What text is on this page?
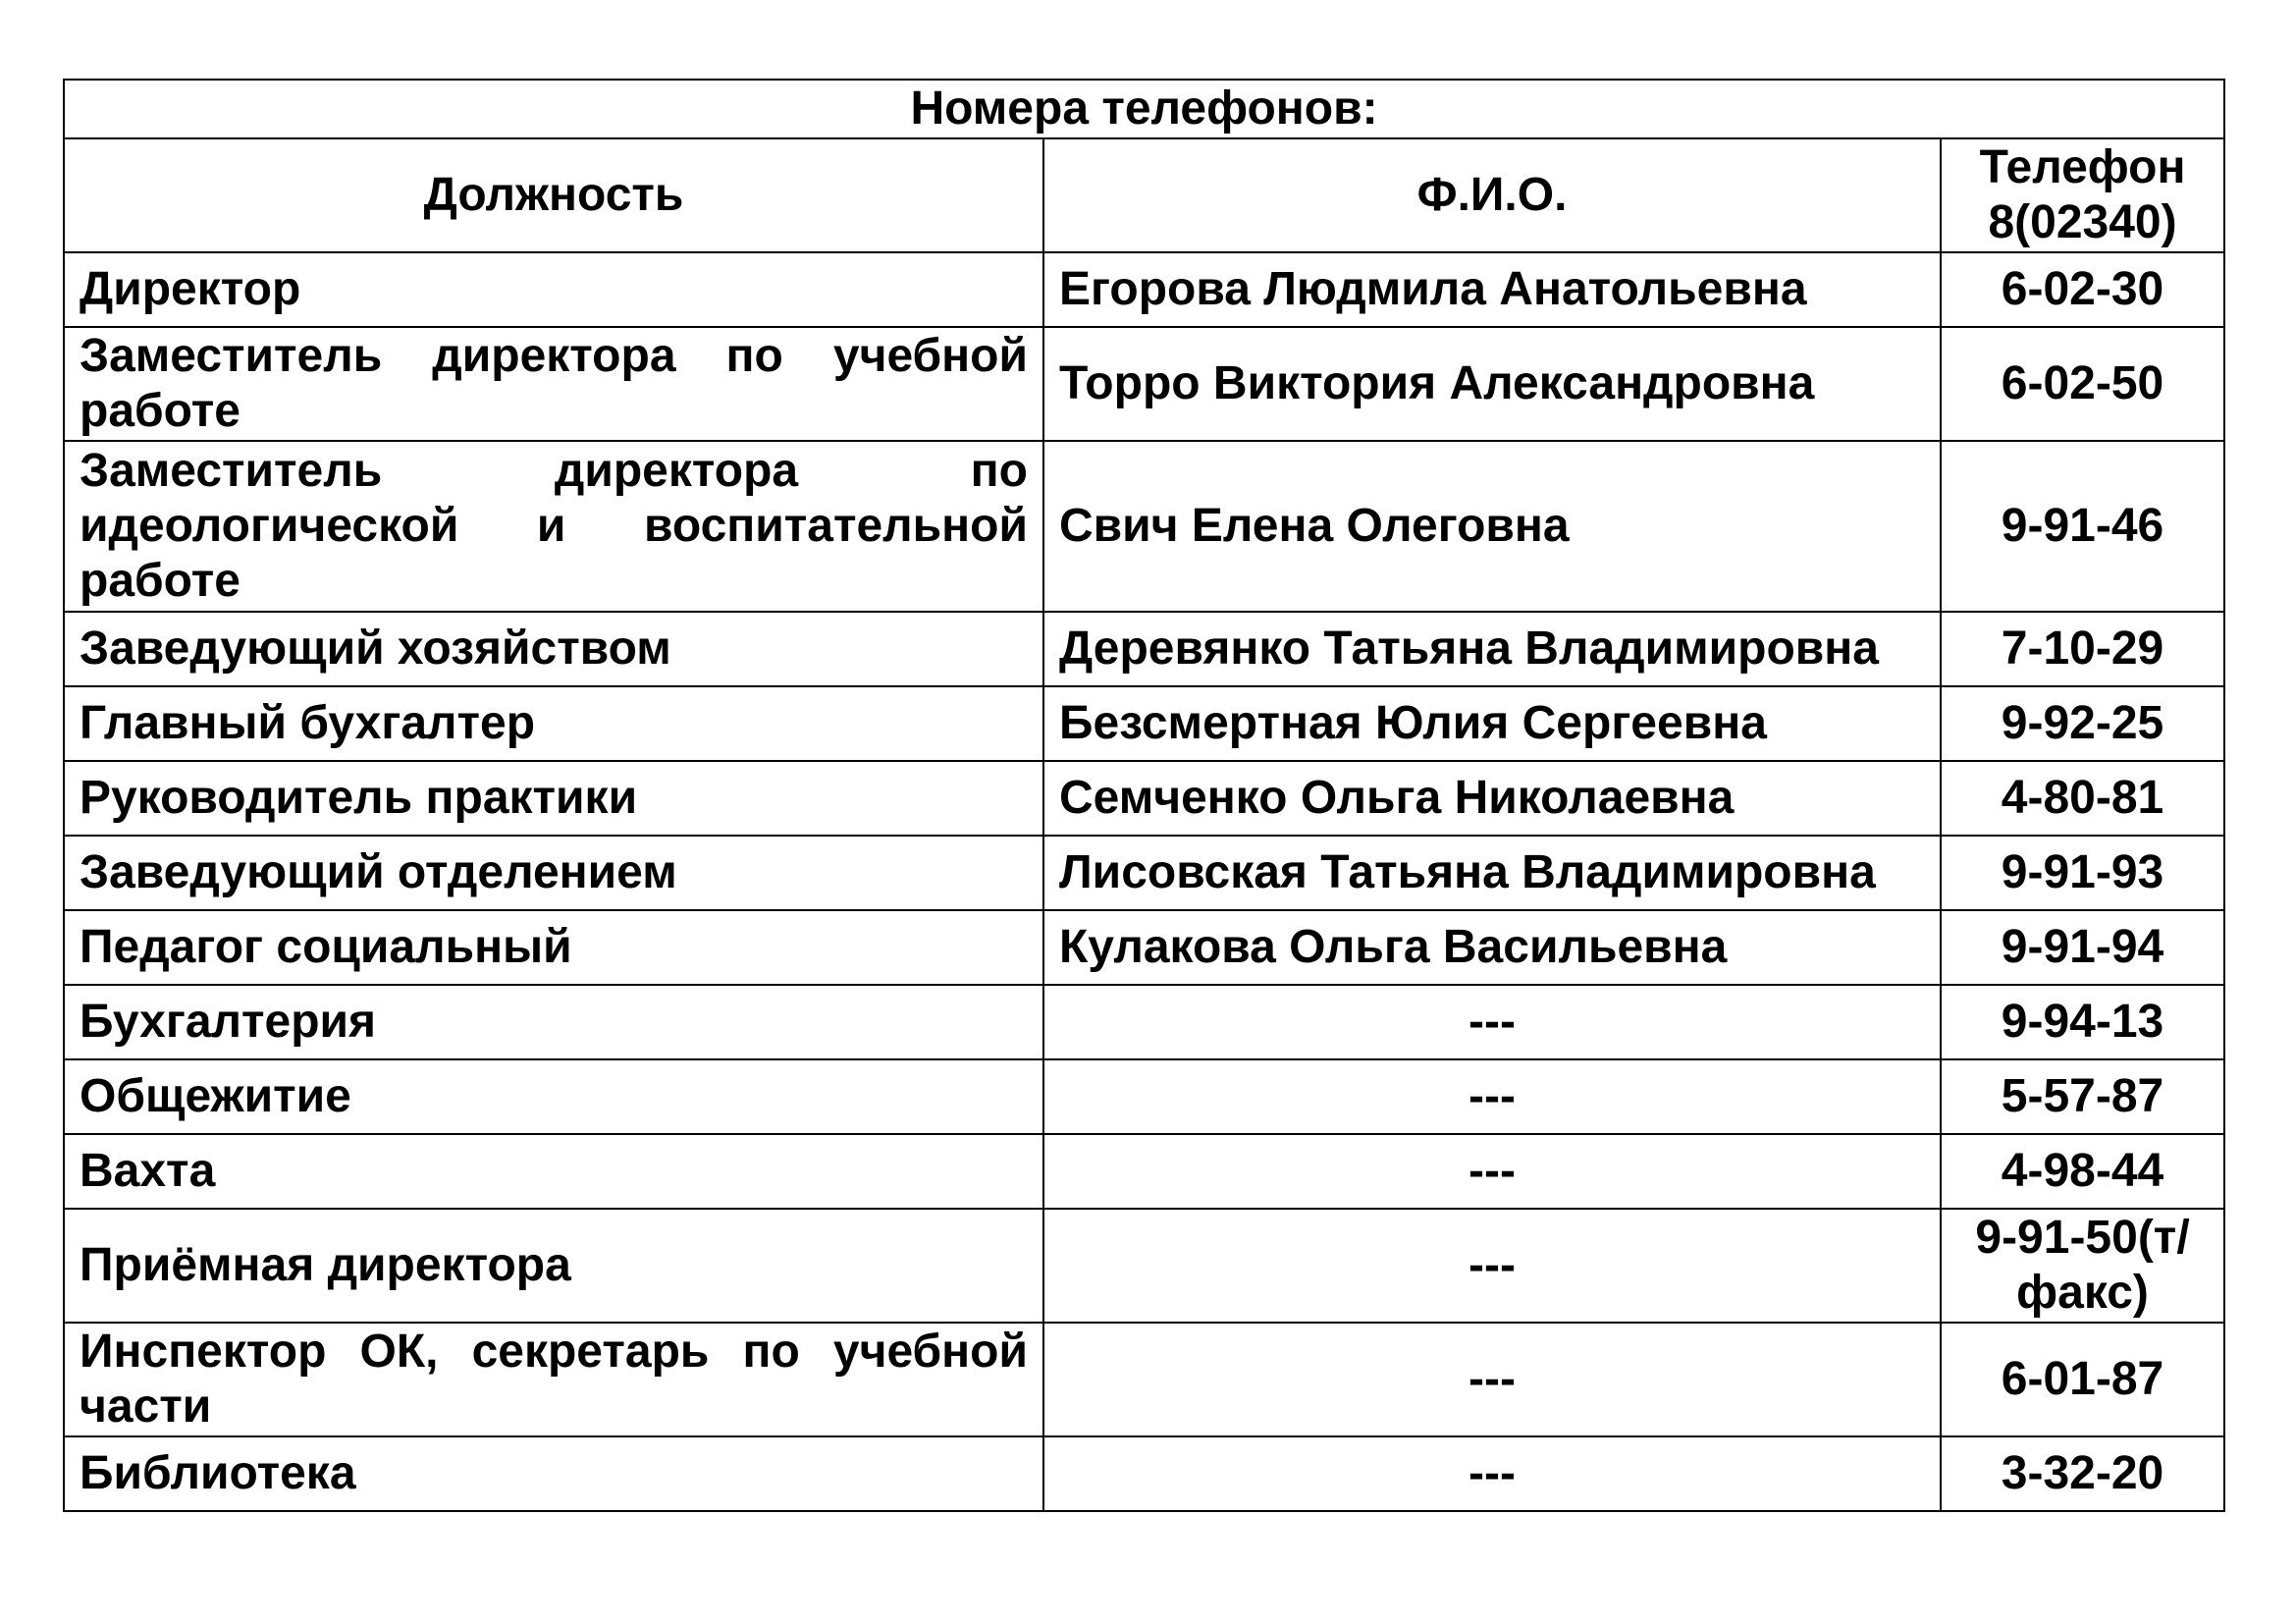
Номера телефонов:		
Должность	Ф.И.О.	Телефон 8(02340)
Директор	Егорова Людмила Анатольевна	6-02-30
Заместитель директора по учебной работе	Торро Виктория Александровна	6-02-50
Заместитель директора по идеологической и воспитательной работе	Свич Елена Олеговна	9-91-46
Заведующий хозяйством	Деревянко Татьяна Владимировна	7-10-29
Главный бухгалтер	Безсмертная Юлия Сергеевна	9-92-25
Руководитель практики	Семченко Ольга Николаевна	4-80-81
Заведующий отделением	Лисовская Татьяна Владимировна	9-91-93
Педагог социальный	Кулакова Ольга Васильевна	9-91-94
Бухгалтерия	---	9-94-13
Общежитие	---	5-57-87
Вахта	---	4-98-44
Приёмная директора	---	9-91-50(т/факс)
Инспектор ОК, секретарь по учебной части	---	6-01-87
Библиотека	---	3-32-20
